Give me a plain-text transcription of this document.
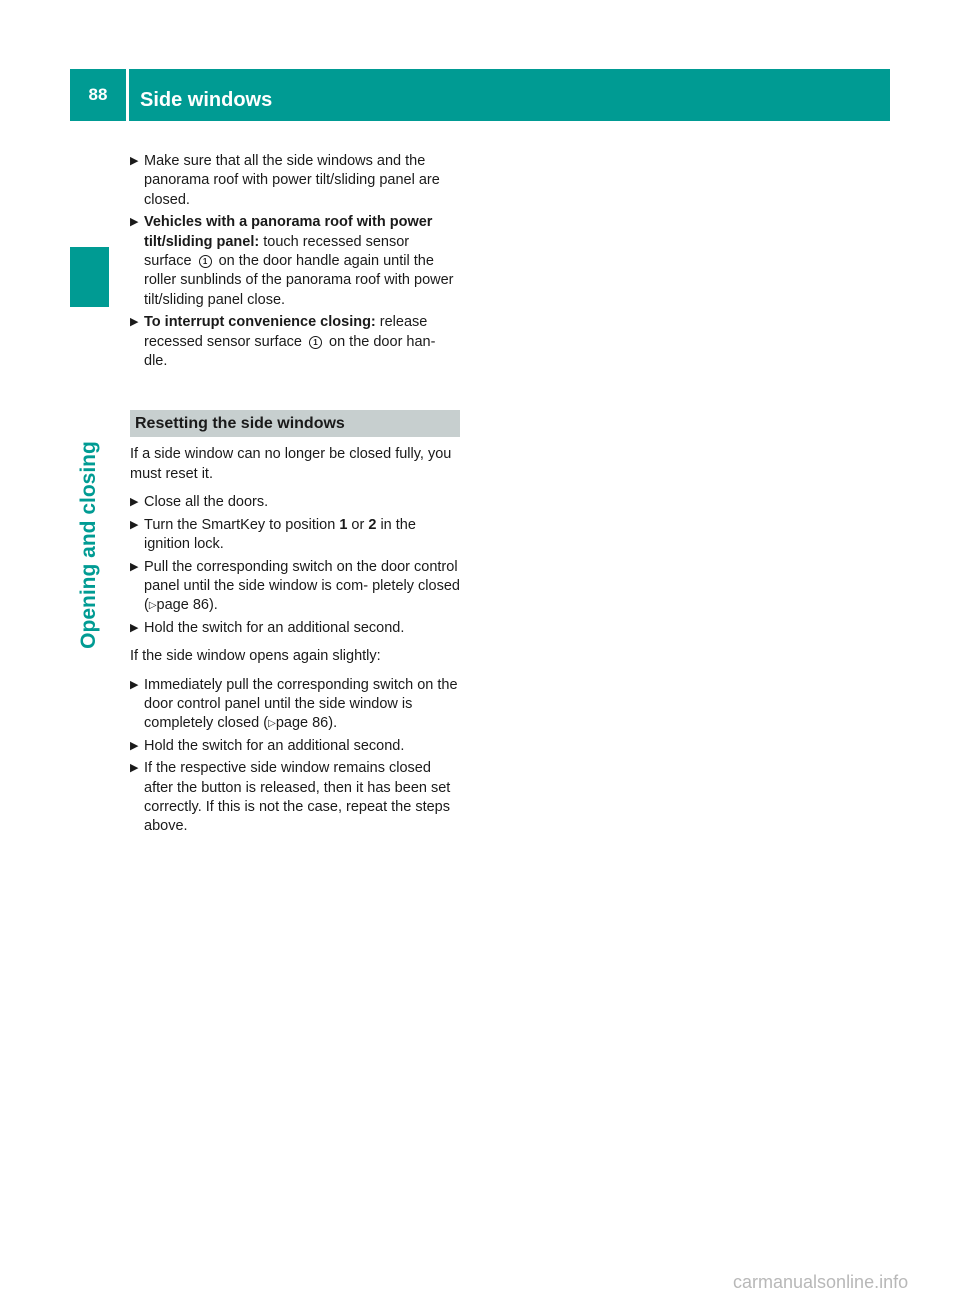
88	Side windows
Opening and closing
▶ Make sure that all the side windows and the panorama roof with power tilt/sliding panel are closed.
▶ Vehicles with a panorama roof with power tilt/sliding panel: touch recessed sensor surface 1 on the door handle again until the roller sunblinds of the panorama roof with power tilt/sliding panel close.
▶ To interrupt convenience closing: release recessed sensor surface 1 on the door han- dle.
Resetting the side windows

If a side window can no longer be closed fully, you must reset it.

▶ Close all the doors.
▶ Turn the SmartKey to position 1 or 2 in the ignition lock.
▶ Pull the corresponding switch on the door control panel until the side window is com- pletely closed (▷page 86).
▶ Hold the switch for an additional second.

If the side window opens again slightly:

▶ Immediately pull the corresponding switch on the door control panel until the side window is completely closed (▷page 86).
▶ Hold the switch for an additional second.
▶ If the respective side window remains closed after the button is released, then it has been set correctly. If this is not the case, repeat the steps above.
carmanualsonline.info
